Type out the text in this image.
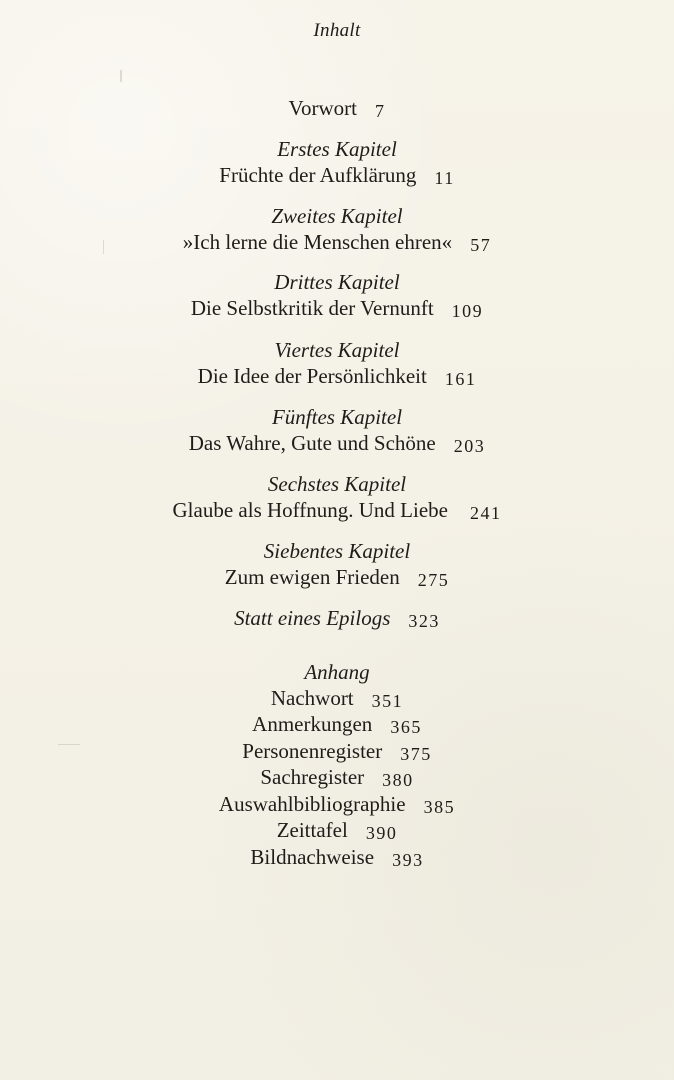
Inhalt
Vorwort 7
Erstes Kapitel
Früchte der Aufklärung 11
Zweites Kapitel
»Ich lerne die Menschen ehren« 57
Drittes Kapitel
Die Selbstkritik der Vernunft 109
Viertes Kapitel
Die Idee der Persönlichkeit 161
Fünftes Kapitel
Das Wahre, Gute und Schöne 203
Sechstes Kapitel
Glaube als Hoffnung. Und Liebe 241
Siebentes Kapitel
Zum ewigen Frieden 275
Statt eines Epilogs 323
Anhang
Nachwort 351
Anmerkungen 365
Personenregister 375
Sachregister 380
Auswahlbibliographie 385
Zeittafel 390
Bildnachweise 393
